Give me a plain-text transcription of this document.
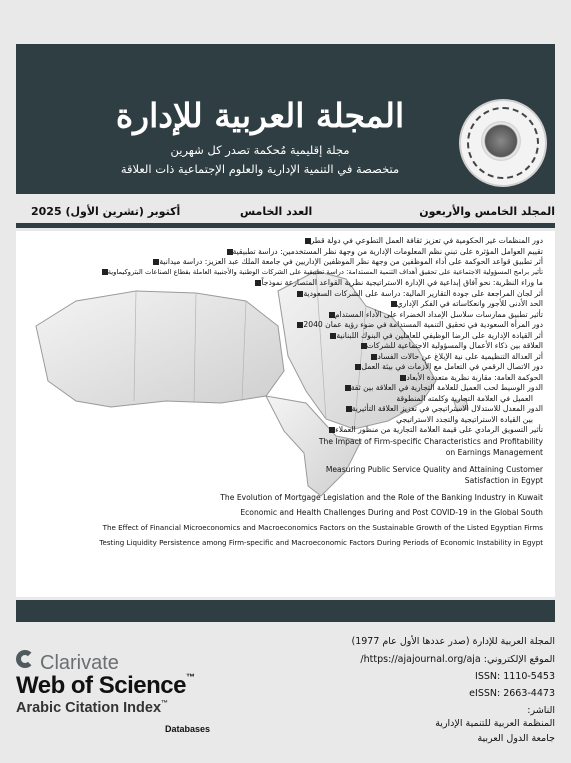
المجلة العربية للإدارة
مجلة إقليمية مُحكمة تصدر كل شهرين
متخصصة في التنمية الإدارية والعلوم الإجتماعية ذات العلاقة
المجلد الخامس والأربعون
العدد الخامس
أكتوبر (تشرين الأول) 2025
دور المنظمات غير الحكومية في تعزيز ثقافة العمل التطوعي في دولة قطر
تقييم العوامل المؤثرة على تبني نظم المعلومات الإدارية من وجهة نظر المستخدمين: دراسة تطبيقية
أثر تطبيق قواعد الحوكمة على أداء الموظفين من وجهة نظر الموظفين الإداريين في جامعة الملك عبد العزيز: دراسة ميدانية
تأثير برامج المسؤولية الاجتماعية على تحقيق أهداف التنمية المستدامة: دراسة تطبيقية على الشركات الوطنية والأجنبية العاملة بقطاع الصناعات البتروكيماوية
ما وراء النظرية: نحو آفاق إبداعية في الإدارة الاستراتيجية نظرية القواعد المتصارعة نموذجاً
أثر لجان المراجعة على جودة التقارير المالية: دراسة على الشركات السعودية
الحد الأدنى للأجور وانعكاساته في الفكر الإداري
تأثير تطبيق ممارسات سلاسل الإمداد الخضراء على الأداء المستدام
دور المرأة السعودية في تحقيق التنمية المستدامة في ضوء رؤية عمان 2040
أثر القيادة الإدارية على الرضا الوظيفي للعاملين في البنوك اللبنانية
العلاقة بين ذكاء الأعمال والمسؤولية الاجتماعية للشركات
أثر العدالة التنظيمية على نية الإبلاغ عن حالات الفساد
دور الاتصال الرقمي في التعامل مع الأزمات في بيئة العمل
الحوكمة العامة: مقاربة نظرية متعددة الأبعاد
الدور الوسيط لحب العميل للعلامة التجارية في العلاقة بين ثقة
العميل في العلامة التجارية وكلمته المنطوقة
الدور المعدل للاستدلال الاستراتيجي في تعزيز العلاقة التأثيرية
بين القيادة الاستراتيجية والتجدد الاستراتيجي
تأثير التسويق الرمادي على قيمة العلامة التجارية من منظور العملاء
The Impact of Firm-specific Characteristics and Profitability
on Earnings Management
Measuring Public Service Quality and Attaining Customer
Satisfaction in Egypt
The Evolution of Mortgage Legislation and the Role of the Banking Industry in Kuwait
Economic and Health Challenges During and Post COVID-19 in the Global South
The Effect of Financial Microeconomics and Macroeconomics Factors on the Sustainable Growth of the Listed Egyptian Firms
Testing Liquidity Persistence among Firm-specific and Macroeconomic Factors During Periods of Economic Instability in Egypt
Clarivate
Web of Science™
Arabic Citation Index™
Databases
المجلة العربية للإدارة (صدر عددها الأول عام 1977)
الموقع الإلكتروني: https://ajajournal.org/aja/
ISSN: 1110-5453
eISSN: 2663-4473
الناشر:
المنظمة العربية للتنمية الإدارية
جامعة الدول العربية
